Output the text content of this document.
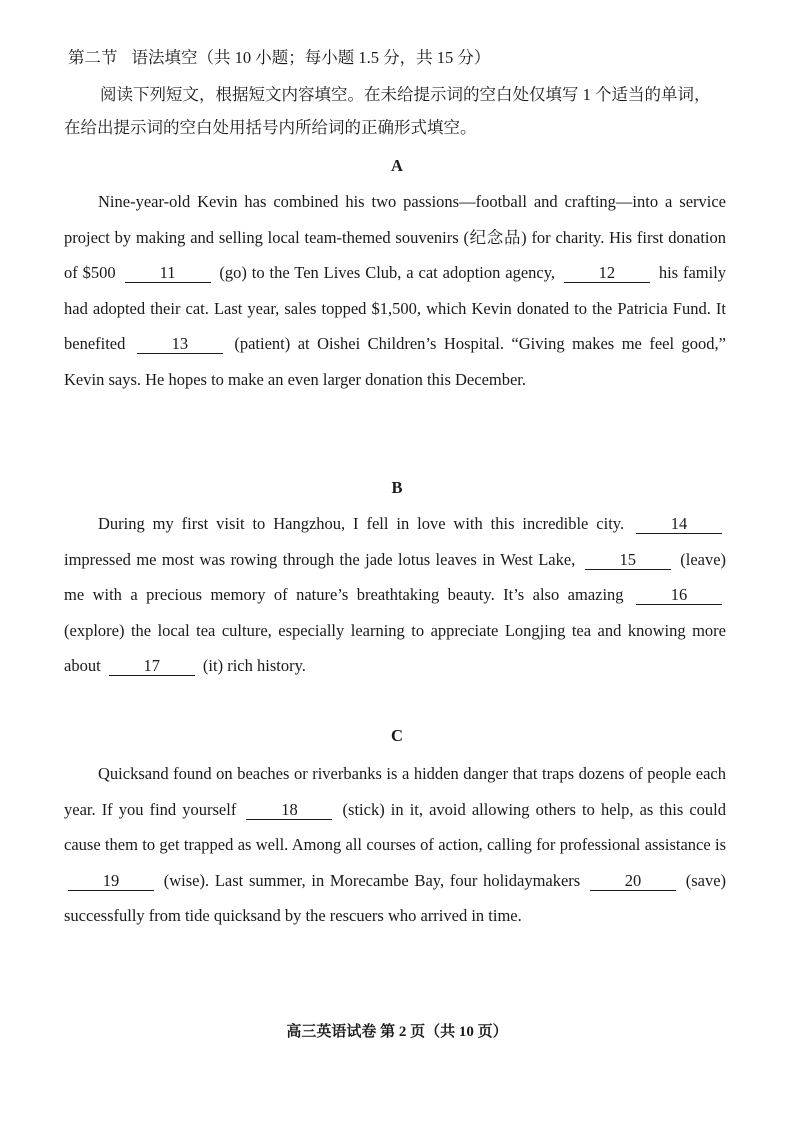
第二节 语法填空（共 10 小题；每小题 1.5 分，共 15 分）
阅读下列短文，根据短文内容填空。在未给提示词的空白处仅填写 1 个适当的单词，在给出提示词的空白处用括号内所给词的正确形式填空。
A
Nine-year-old Kevin has combined his two passions—football and crafting—into a service project by making and selling local team-themed souvenirs (纪念品) for charity. His first donation of $500	11	(go) to the Ten Lives Club, a cat adoption agency,	12	his family had adopted their cat. Last year, sales topped $1,500, which Kevin donated to the Patricia Fund. It benefited	13	(patient) at Oishei Children’s Hospital. “Giving makes me feel good,” Kevin says. He hopes to make an even larger donation this December.
B
During my first visit to Hangzhou, I fell in love with this incredible city.	14 impressed me most was rowing through the jade lotus leaves in West Lake,	15	(leave) me with a precious memory of nature’s breathtaking beauty. It’s also amazing	16 (explore) the local tea culture, especially learning to appreciate Longjing tea and knowing more about	17	(it) rich history.
C
Quicksand found on beaches or riverbanks is a hidden danger that traps dozens of people each year. If you find yourself	18	(stick) in it, avoid allowing others to help, as this could cause them to get trapped as well. Among all courses of action, calling for professional assistance is 19	(wise). Last summer, in Morecambe Bay, four holidaymakers	20	(save) successfully from tide quicksand by the rescuers who arrived in time.
高三英语试卷 第 2 页（共 10 页）
